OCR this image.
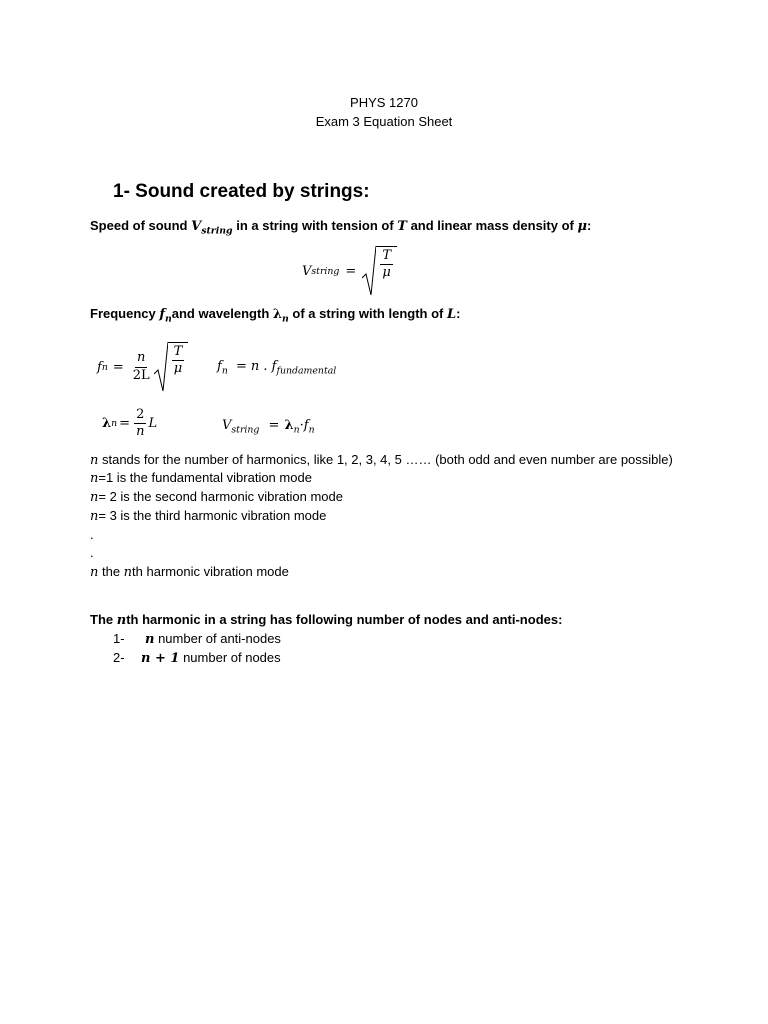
PHYS 1270
Exam 3 Equation Sheet
1- Sound created by strings:
Speed of sound $V_{string}$ in a string with tension of T and linear mass density of μ:
V string = $\frac{T}{\mu}$
Frequency $f_nand$ wavelength $\lambda_n$ of a string with length of L:
f $n = \frac{n}{2L} \frac{T}{\mu}$	$f_n = n$ . $f_{fundamental}$
λ $n = \frac{2}{n}$ L	$V_{string} = \lambda_n\cdot f_n$
n stands for the number of harmonics, like 1, 2, 3, 4, 5 …… (both odd and even number are possible)
n=1 is the fundamental vibration mode
n= 2 is the second harmonic vibration mode
n= 3 is the third harmonic vibration mode
.
.
n the nth harmonic vibration mode
The nth harmonic in a string has following number of nodes and anti-nodes:
1- n number of anti-nodes
2- n + 1 number of nodes
